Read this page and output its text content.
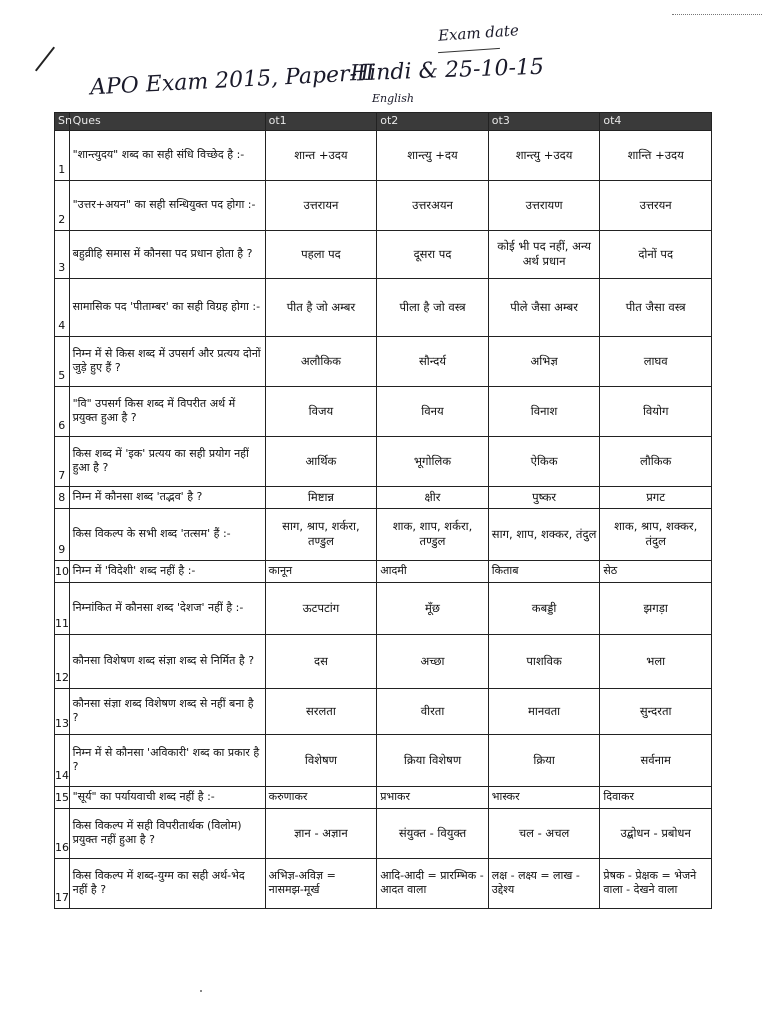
Exam date
APO Exam 2015, Paper-II
Hindi & 25-10-15
English
Sn	Ques	ot1	ot2	ot3	ot4
1	"शान्त्युदय" शब्द का सही संधि विच्छेद है :-	शान्त +उदय	शान्त्यु +दय	शान्त्यु +उदय	शान्ति +उदय
2	"उत्तर+अयन" का सही सन्धियुक्त पद होगा :-	उत्तरायन	उत्तरअयन	उत्तरायण	उत्तरयन
3	बहुव्रीहि समास में कौनसा पद प्रधान होता है ?	पहला पद	दूसरा पद	कोई भी पद नहीं, अन्य अर्थ प्रधान	दोनों पद
4	सामासिक पद 'पीताम्बर' का सही विग्रह होगा :-	पीत है जो अम्बर	पीला है जो वस्त्र	पीले जैसा अम्बर	पीत जैसा वस्त्र
5	निम्न में से किस शब्द में उपसर्ग और प्रत्यय दोनों जुड़े हुए हैं ?	अलौकिक	सौन्दर्य	अभिज्ञ	लाघव
6	"वि" उपसर्ग किस शब्द में विपरीत अर्थ में प्रयुक्त हुआ है ?	विजय	विनय	विनाश	वियोग
7	किस शब्द में 'इक' प्रत्यय का सही प्रयोग नहीं हुआ है ?	आर्थिक	भूगोलिक	ऐकिक	लौकिक
8	निम्न में कौनसा शब्द 'तद्भव' है ?	मिष्टान्न	क्षीर	पुष्कर	प्रगट
9	किस विकल्प के सभी शब्द 'तत्सम' हैं :-	साग, श्राप, शर्करा, तण्डुल	शाक, शाप, शर्करा, तण्डुल	साग, शाप, शक्कर, तंदुल	शाक, श्राप, शक्कर, तंदुल
10	निम्न में 'विदेशी' शब्द नहीं है :-	कानून	आदमी	किताब	सेठ
11	निम्नांकित में कौनसा शब्द 'देशज' नहीं है :-	ऊटपटांग	मूँछ	कबड्डी	झगड़ा
12	कौनसा विशेषण शब्द संज्ञा शब्द से निर्मित है ?	दस	अच्छा	पाशविक	भला
13	कौनसा संज्ञा शब्द विशेषण शब्द से नहीं बना है ?	सरलता	वीरता	मानवता	सुन्दरता
14	निम्न में से कौनसा 'अविकारी' शब्द का प्रकार है ?	विशेषण	क्रिया विशेषण	क्रिया	सर्वनाम
15	"सूर्य" का पर्यायवाची शब्द नहीं है :-	करुणाकर	प्रभाकर	भास्कर	दिवाकर
16	किस विकल्प में सही विपरीतार्थक (विलोम) प्रयुक्त नहीं हुआ है ?	ज्ञान - अज्ञान	संयुक्त - वियुक्त	चल - अचल	उद्बोधन - प्रबोधन
17	किस विकल्प में शब्द-युग्म का सही अर्थ-भेद नहीं है ?	अभिज्ञ-अविज्ञ = नासमझ-मूर्ख	आदि-आदी = प्रारम्भिक - आदत वाला	लक्ष - लक्ष्य = लाख - उद्देश्य	प्रेषक - प्रेक्षक = भेजने वाला - देखने वाला
